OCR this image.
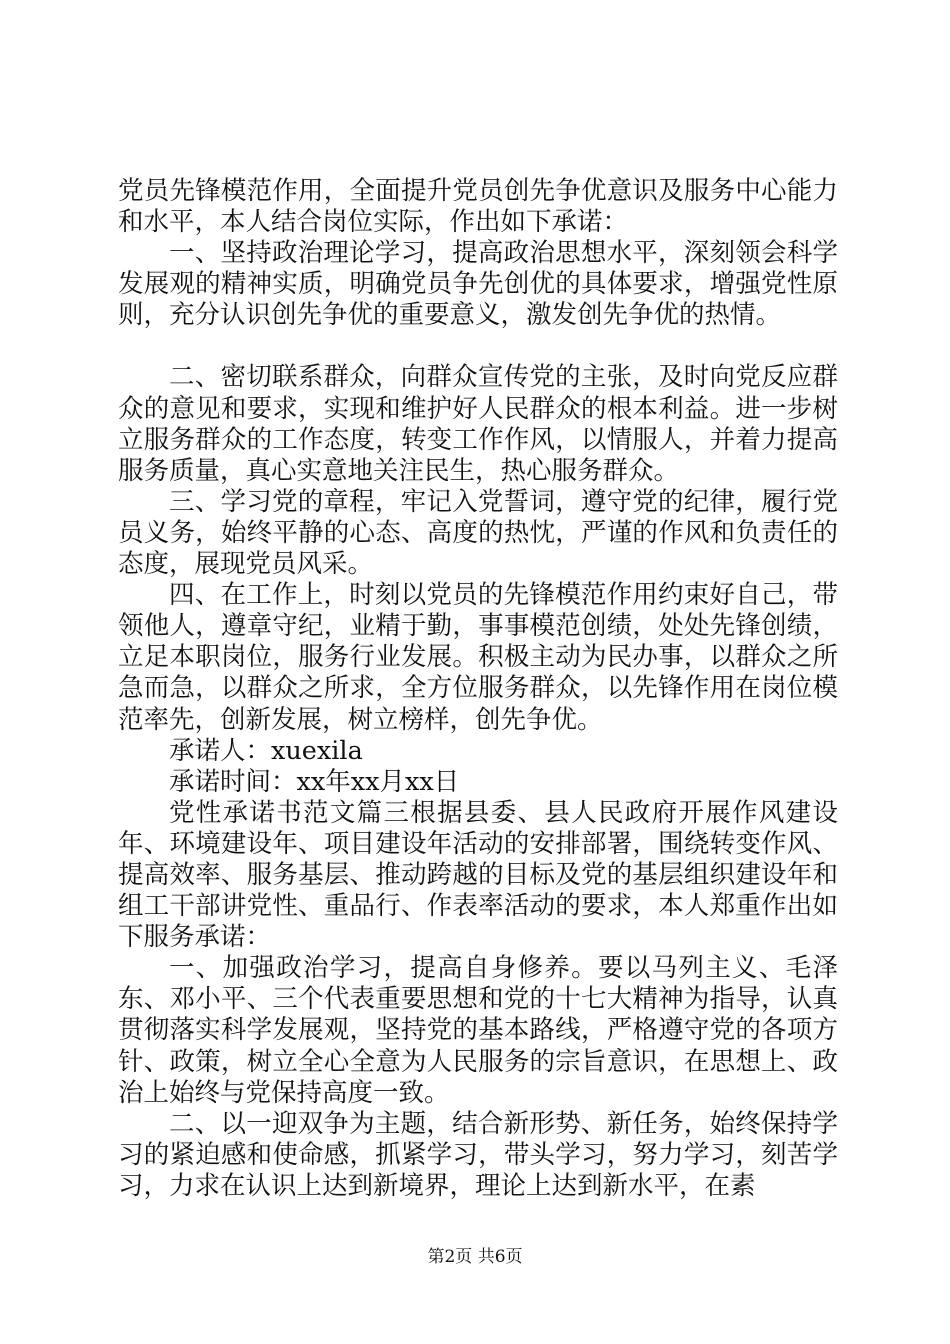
党员先锋模范作用，全面提升党员创先争优意识及服务中心能力和水平，本人结合岗位实际，作出如下承诺：

一、坚持政治理论学习，提高政治思想水平，深刻领会科学发展观的精神实质，明确党员争先创优的具体要求，增强党性原则，充分认识创先争优的重要意义，激发创先争优的热情。

二、密切联系群众，向群众宣传党的主张，及时向党反应群众的意见和要求，实现和维护好人民群众的根本利益。进一步树立服务群众的工作态度，转变工作作风，以情服人，并着力提高服务质量，真心实意地关注民生，热心服务群众。

三、学习党的章程，牢记入党誓词，遵守党的纪律，履行党员义务，始终平静的心态、高度的热忱，严谨的作风和负责任的态度，展现党员风采。

四、在工作上，时刻以党员的先锋模范作用约束好自己，带领他人，遵章守纪，业精于勤，事事模范创绩，处处先锋创绩，立足本职岗位，服务行业发展。积极主动为民办事，以群众之所急而急，以群众之所求，全方位服务群众，以先锋作用在岗位模范率先，创新发展，树立榜样，创先争优。

承诺人：xuexila

承诺时间：xx年xx月xx日

党性承诺书范文篇三根据县委、县人民政府开展作风建设年、环境建设年、项目建设年活动的安排部署，围绕转变作风、提高效率、服务基层、推动跨越的目标及党的基层组织建设年和组工干部讲党性、重品行、作表率活动的要求，本人郑重作出如下服务承诺：

一、加强政治学习，提高自身修养。要以马列主义、毛泽东、邓小平、三个代表重要思想和党的十七大精神为指导，认真贯彻落实科学发展观，坚持党的基本路线，严格遵守党的各项方针、政策，树立全心全意为人民服务的宗旨意识，在思想上、政治上始终与党保持高度一致。

二、以一迎双争为主题，结合新形势、新任务，始终保持学习的紧迫感和使命感，抓紧学习，带头学习，努力学习，刻苦学习，力求在认识上达到新境界，理论上达到新水平，在素

第2页 共6页
